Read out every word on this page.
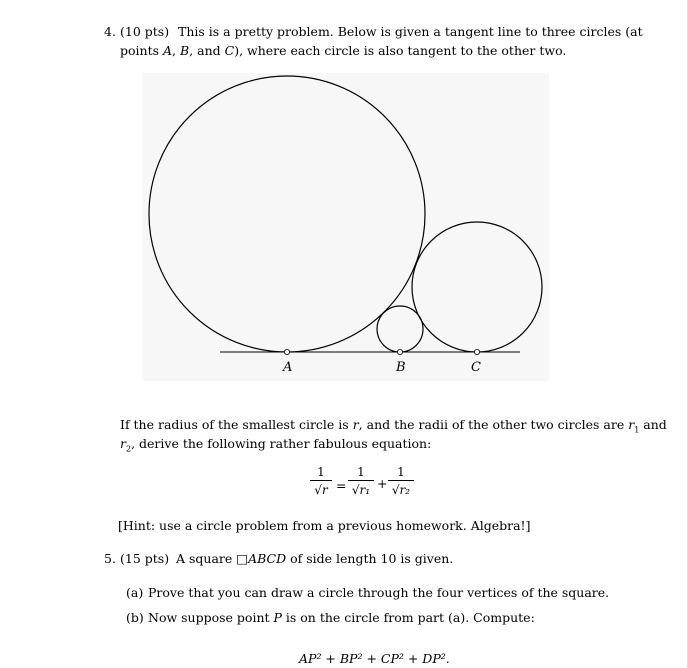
4. (10 pts) This is a pretty problem. Below is given a tangent line to three circles (at
points A, B, and C), where each circle is also tangent to the other two.
A	B	C
If the radius of the smallest circle is r, and the radii of the other two circles are $r_1$ and
$r_2$, derive the following rather fabulous equation:
1
√r =
1
√r₁ +
1
√r₂
[Hint: use a circle problem from a previous homework. Algebra!]
5. (15 pts) A square □ABCD of side length 10 is given.
(a) Prove that you can draw a circle through the four vertices of the square.
(b) Now suppose point P is on the circle from part (a). Compute:
AP² + BP² + CP² + DP².
